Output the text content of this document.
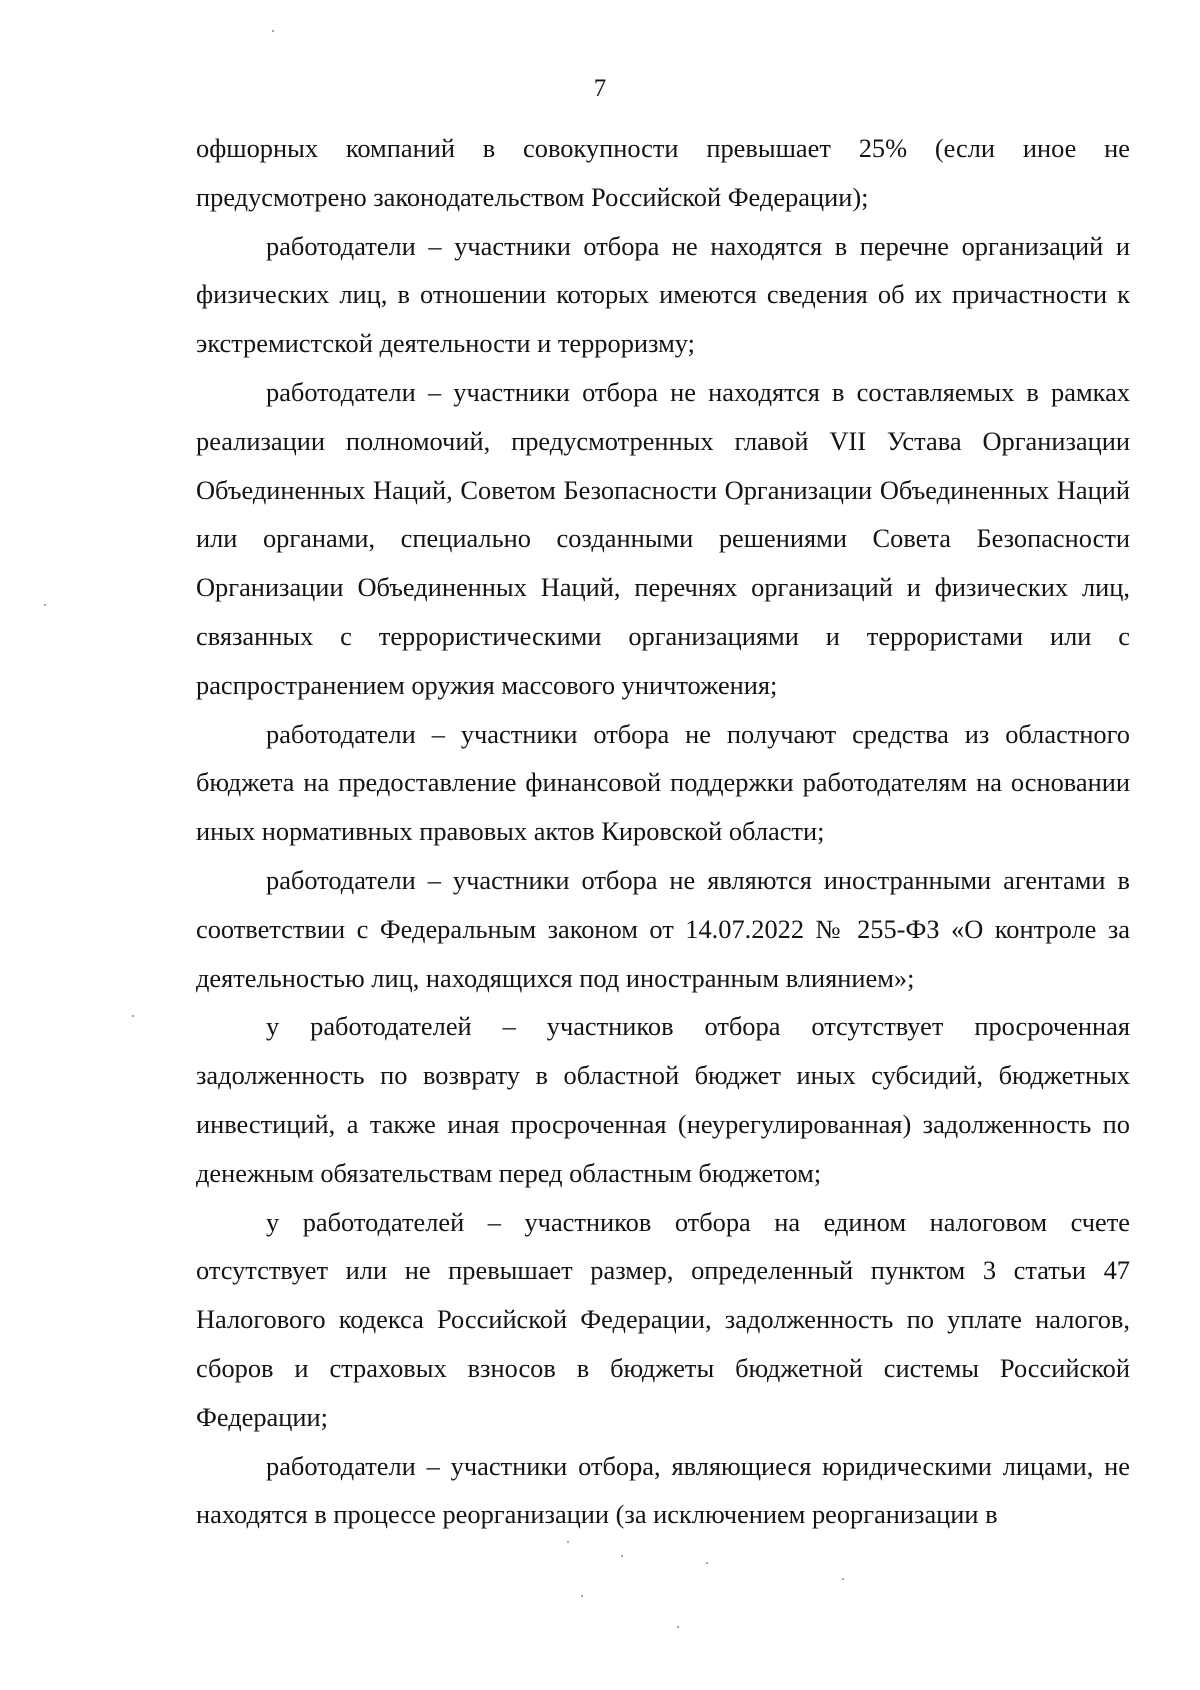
7

офшорных компаний в совокупности превышает 25% (если иное не предусмотрено законодательством Российской Федерации);

работодатели – участники отбора не находятся в перечне организаций и физических лиц, в отношении которых имеются сведения об их причастности к экстремистской деятельности и терроризму;

работодатели – участники отбора не находятся в составляемых в рамках реализации полномочий, предусмотренных главой VII Устава Организации Объединенных Наций, Советом Безопасности Организации Объединенных Наций или органами, специально созданными решениями Совета Безопасности Организации Объединенных Наций, перечнях организаций и физических лиц, связанных с террористическими организациями и террористами или с распространением оружия массового уничтожения;

работодатели – участники отбора не получают средства из областного бюджета на предоставление финансовой поддержки работодателям на основании иных нормативных правовых актов Кировской области;

работодатели – участники отбора не являются иностранными агентами в соответствии с Федеральным законом от 14.07.2022 № 255-ФЗ «О контроле за деятельностью лиц, находящихся под иностранным влиянием»;

у работодателей – участников отбора отсутствует просроченная задолженность по возврату в областной бюджет иных субсидий, бюджетных инвестиций, а также иная просроченная (неурегулированная) задолженность по денежным обязательствам перед областным бюджетом;

у работодателей – участников отбора на едином налоговом счете отсутствует или не превышает размер, определенный пунктом 3 статьи 47 Налогового кодекса Российской Федерации, задолженность по уплате налогов, сборов и страховых взносов в бюджеты бюджетной системы Российской Федерации;

работодатели – участники отбора, являющиеся юридическими лицами, не находятся в процессе реорганизации (за исключением реорганизации в
